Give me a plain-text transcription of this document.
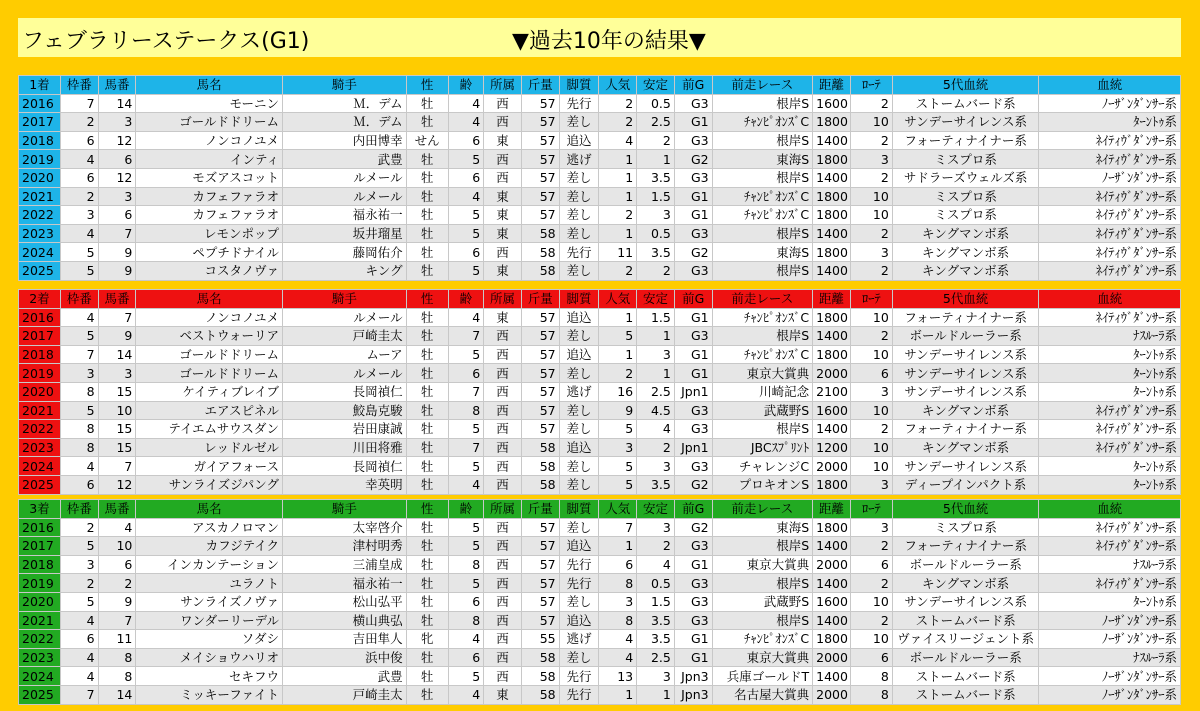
フェブラリーステークス(G1)	▼過去10年の結果▼
1着	枠番	馬番	馬名	騎手	性	齢	所属	斤量	脚質	人気	安定	前G	前走レース	距離	ﾛｰﾃ	5代血統	血統
2016	7	14	モーニン	Ｍ．デム	牡	4	西	57	先行	2	0.5	G3	根岸S	1600	2	ストームバード系	ﾉｰｻﾞﾝﾀﾞﾝｻｰ系
2017	2	3	ゴールドドリーム	Ｍ．デム	牡	4	西	57	差し	2	2.5	G1	ﾁｬﾝﾋﾟｵﾝｽﾞC	1800	10	サンデーサイレンス系	ﾀｰﾝﾄｩ系
2018	6	12	ノンコノユメ	内田博幸	せん	6	東	57	追込	4	2	G3	根岸S	1400	2	フォーティナイナー系	ﾈｲﾃｨｳﾞﾀﾞﾝｻｰ系
2019	4	6	インティ	武豊	牡	5	西	57	逃げ	1	1	G2	東海S	1800	3	ミスプロ系	ﾈｲﾃｨｳﾞﾀﾞﾝｻｰ系
2020	6	12	モズアスコット	ルメール	牡	6	西	57	差し	1	3.5	G3	根岸S	1400	2	サドラーズウェルズ系	ﾉｰｻﾞﾝﾀﾞﾝｻｰ系
2021	2	3	カフェファラオ	ルメール	牡	4	東	57	差し	1	1.5	G1	ﾁｬﾝﾋﾟｵﾝｽﾞC	1800	10	ミスプロ系	ﾈｲﾃｨｳﾞﾀﾞﾝｻｰ系
2022	3	6	カフェファラオ	福永祐一	牡	5	東	57	差し	2	3	G1	ﾁｬﾝﾋﾟｵﾝｽﾞC	1800	10	ミスプロ系	ﾈｲﾃｨｳﾞﾀﾞﾝｻｰ系
2023	4	7	レモンポップ	坂井瑠星	牡	5	東	58	差し	1	0.5	G3	根岸S	1400	2	キングマンボ系	ﾈｲﾃｨｳﾞﾀﾞﾝｻｰ系
2024	5	9	ペプチドナイル	藤岡佑介	牡	6	西	58	先行	11	3.5	G2	東海S	1800	3	キングマンボ系	ﾈｲﾃｨｳﾞﾀﾞﾝｻｰ系
2025	5	9	コスタノヴァ	キング	牡	5	東	58	差し	2	2	G3	根岸S	1400	2	キングマンボ系	ﾈｲﾃｨｳﾞﾀﾞﾝｻｰ系
2着	枠番	馬番	馬名	騎手	性	齢	所属	斤量	脚質	人気	安定	前G	前走レース	距離	ﾛｰﾃ	5代血統	血統
2016	4	7	ノンコノユメ	ルメール	牡	4	東	57	追込	1	1.5	G1	ﾁｬﾝﾋﾟｵﾝｽﾞC	1800	10	フォーティナイナー系	ﾈｲﾃｨｳﾞﾀﾞﾝｻｰ系
2017	5	9	ベストウォーリア	戸崎圭太	牡	7	西	57	差し	5	1	G3	根岸S	1400	2	ボールドルーラー系	ﾅｽﾙｰﾗ系
2018	7	14	ゴールドドリーム	ムーア	牡	5	西	57	追込	1	3	G1	ﾁｬﾝﾋﾟｵﾝｽﾞC	1800	10	サンデーサイレンス系	ﾀｰﾝﾄｩ系
2019	3	3	ゴールドドリーム	ルメール	牡	6	西	57	差し	2	1	G1	東京大賞典	2000	6	サンデーサイレンス系	ﾀｰﾝﾄｩ系
2020	8	15	ケイティブレイブ	長岡禎仁	牡	7	西	57	逃げ	16	2.5	Jpn1	川崎記念	2100	3	サンデーサイレンス系	ﾀｰﾝﾄｩ系
2021	5	10	エアスピネル	鮫島克駿	牡	8	西	57	差し	9	4.5	G3	武蔵野S	1600	10	キングマンボ系	ﾈｲﾃｨｳﾞﾀﾞﾝｻｰ系
2022	8	15	テイエムサウスダン	岩田康誠	牡	5	西	57	差し	5	4	G3	根岸S	1400	2	フォーティナイナー系	ﾈｲﾃｨｳﾞﾀﾞﾝｻｰ系
2023	8	15	レッドルゼル	川田将雅	牡	7	西	58	追込	3	2	Jpn1	JBCｽﾌﾟﾘﾝﾄ	1200	10	キングマンボ系	ﾈｲﾃｨｳﾞﾀﾞﾝｻｰ系
2024	4	7	ガイアフォース	長岡禎仁	牡	5	西	58	差し	5	3	G3	チャレンジC	2000	10	サンデーサイレンス系	ﾀｰﾝﾄｩ系
2025	6	12	サンライズジパング	幸英明	牡	4	西	58	差し	5	3.5	G2	プロキオンS	1800	3	ディープインパクト系	ﾀｰﾝﾄｩ系
3着	枠番	馬番	馬名	騎手	性	齢	所属	斤量	脚質	人気	安定	前G	前走レース	距離	ﾛｰﾃ	5代血統	血統
2016	2	4	アスカノロマン	太宰啓介	牡	5	西	57	差し	7	3	G2	東海S	1800	3	ミスプロ系	ﾈｲﾃｨｳﾞﾀﾞﾝｻｰ系
2017	5	10	カフジテイク	津村明秀	牡	5	西	57	追込	1	2	G3	根岸S	1400	2	フォーティナイナー系	ﾈｲﾃｨｳﾞﾀﾞﾝｻｰ系
2018	3	6	インカンテーション	三浦皇成	牡	8	西	57	先行	6	4	G1	東京大賞典	2000	6	ボールドルーラー系	ﾅｽﾙｰﾗ系
2019	2	2	ユラノト	福永祐一	牡	5	西	57	先行	8	0.5	G3	根岸S	1400	2	キングマンボ系	ﾈｲﾃｨｳﾞﾀﾞﾝｻｰ系
2020	5	9	サンライズノヴァ	松山弘平	牡	6	西	57	差し	3	1.5	G3	武蔵野S	1600	10	サンデーサイレンス系	ﾀｰﾝﾄｩ系
2021	4	7	ワンダーリーデル	横山典弘	牡	8	西	57	追込	8	3.5	G3	根岸S	1400	2	ストームバード系	ﾉｰｻﾞﾝﾀﾞﾝｻｰ系
2022	6	11	ソダシ	吉田隼人	牝	4	西	55	逃げ	4	3.5	G1	ﾁｬﾝﾋﾟｵﾝｽﾞC	1800	10	ヴァイスリージェント系	ﾉｰｻﾞﾝﾀﾞﾝｻｰ系
2023	4	8	メイショウハリオ	浜中俊	牡	6	西	58	差し	4	2.5	G1	東京大賞典	2000	6	ボールドルーラー系	ﾅｽﾙｰﾗ系
2024	4	8	セキフウ	武豊	牡	5	西	58	先行	13	3	Jpn3	兵庫ゴールドT	1400	8	ストームバード系	ﾉｰｻﾞﾝﾀﾞﾝｻｰ系
2025	7	14	ミッキーファイト	戸崎圭太	牡	4	東	58	先行	1	1	Jpn3	名古屋大賞典	2000	8	ストームバード系	ﾉｰｻﾞﾝﾀﾞﾝｻｰ系
